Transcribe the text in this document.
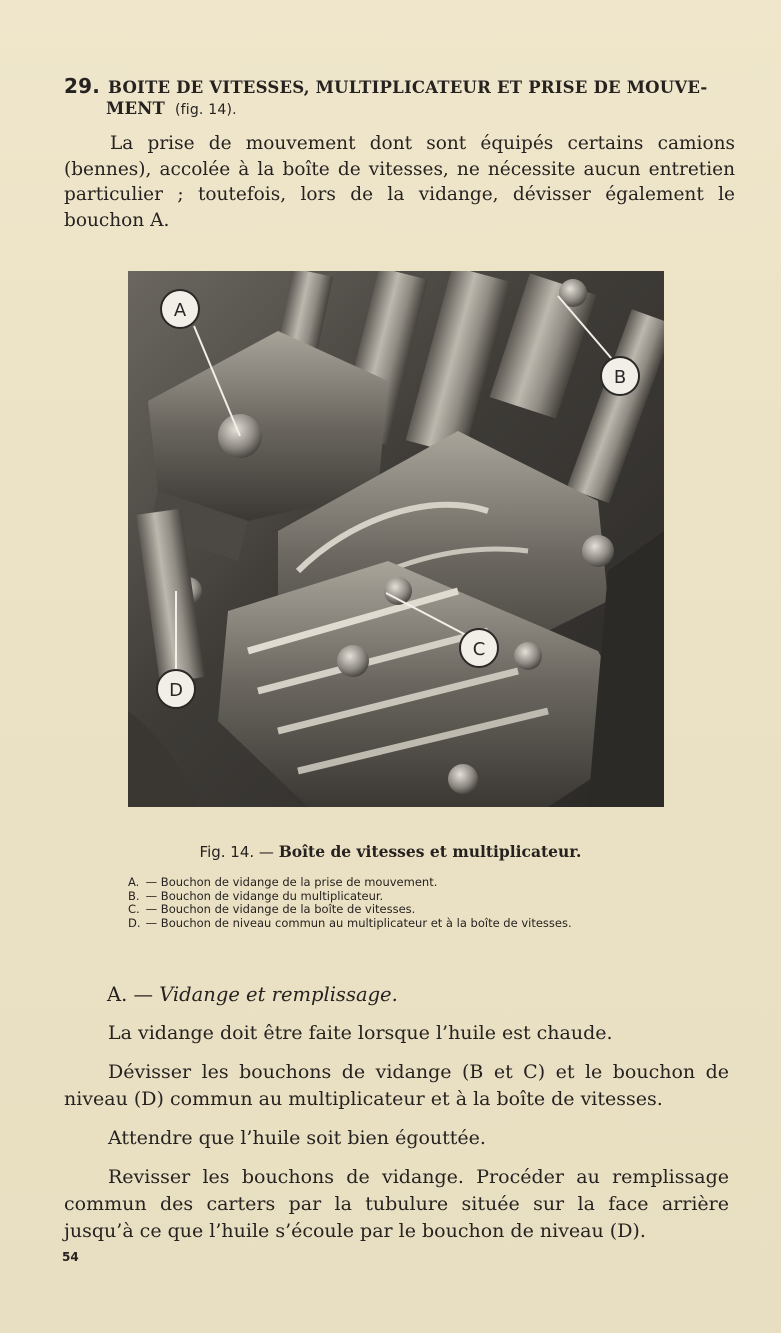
29. BOITE DE VITESSES, MULTIPLICATEUR ET PRISE DE MOUVE-
MENT (fig. 14).

La prise de mouvement dont sont équipés certains camions (bennes), accolée à la boîte de vitesses, ne nécessite aucun entretien particulier ; toutefois, lors de la vidange, dévisser également le bouchon A.

A
B
C
D
Fig. 14. — Boîte de vitesses et multiplicateur.
A. — Bouchon de vidange de la prise de mouvement.
B. — Bouchon de vidange du multiplicateur.
C. — Bouchon de vidange de la boîte de vitesses.
D. — Bouchon de niveau commun au multiplicateur et à la boîte de vitesses.
A. — Vidange et remplissage.

La vidange doit être faite lorsque l’huile est chaude.

Dévisser les bouchons de vidange (B et C) et le bouchon de niveau (D) commun au multiplicateur et à la boîte de vitesses.

Attendre que l’huile soit bien égouttée.

Revisser les bouchons de vidange. Procéder au remplissage commun des carters par la tubulure située sur la face arrière jusqu’à ce que l’huile s’écoule par le bouchon de niveau (D).

54
